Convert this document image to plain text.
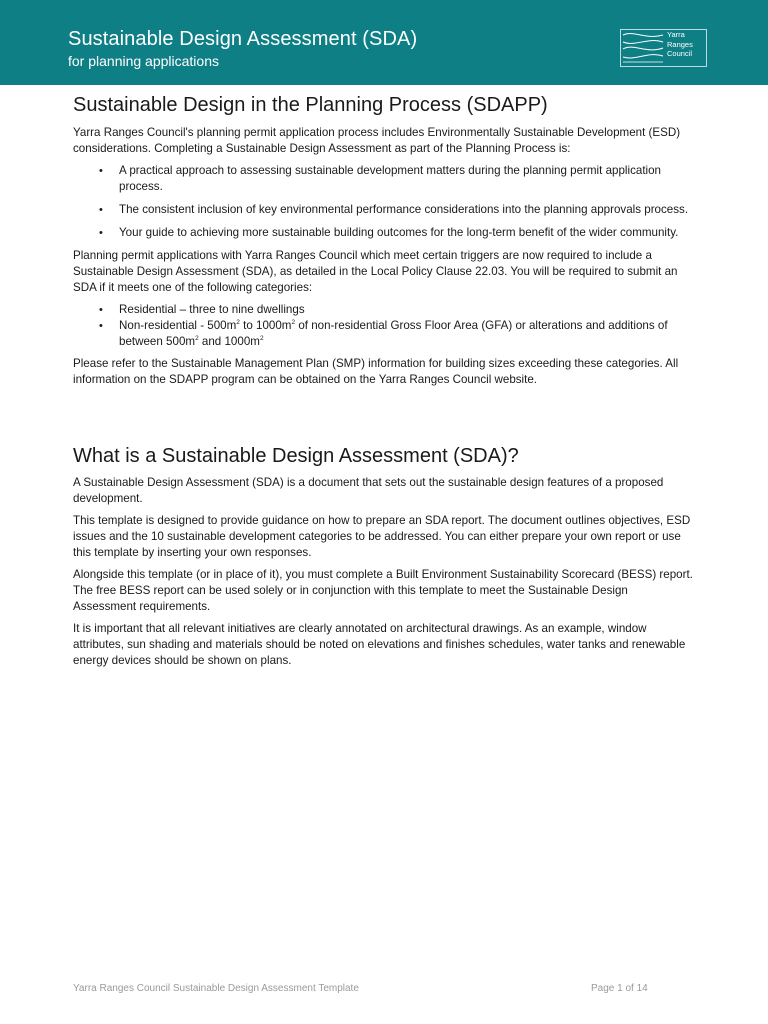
Sustainable Design Assessment (SDA)
for planning applications
Yarra
Ranges
Council
Sustainable Design in the Planning Process (SDAPP)

Yarra Ranges Council's planning permit application process includes Environmentally Sustainable Development (ESD) considerations. Completing a Sustainable Design Assessment as part of the Planning Process is:

• A practical approach to assessing sustainable development matters during the planning permit application process.
• The consistent inclusion of key environmental performance considerations into the planning approvals process.
• Your guide to achieving more sustainable building outcomes for the long-term benefit of the wider community.

Planning permit applications with Yarra Ranges Council which meet certain triggers are now required to include a Sustainable Design Assessment (SDA), as detailed in the Local Policy Clause 22.03. You will be required to submit an SDA if it meets one of the following categories:

• Residential – three to nine dwellings
• Non-residential - $500m^2$ to $1000m^2$ of non-residential Gross Floor Area (GFA) or alterations and additions of between $500m^2$ and $1000m^2$

Please refer to the Sustainable Management Plan (SMP) information for building sizes exceeding these categories. All information on the SDAPP program can be obtained on the Yarra Ranges Council website.

What is a Sustainable Design Assessment (SDA)?

A Sustainable Design Assessment (SDA) is a document that sets out the sustainable design features of a proposed development.

This template is designed to provide guidance on how to prepare an SDA report. The document outlines objectives, ESD issues and the 10 sustainable development categories to be addressed. You can either prepare your own report or use this template by inserting your own responses.

Alongside this template (or in place of it), you must complete a Built Environment Sustainability Scorecard (BESS) report. The free BESS report can be used solely or in conjunction with this template to meet the Sustainable Design Assessment requirements.

It is important that all relevant initiatives are clearly annotated on architectural drawings. As an example, window attributes, sun shading and materials should be noted on elevations and finishes schedules, water tanks and renewable energy devices should be shown on plans.

Yarra Ranges Council Sustainable Design Assessment Template	Page 1 of 14
